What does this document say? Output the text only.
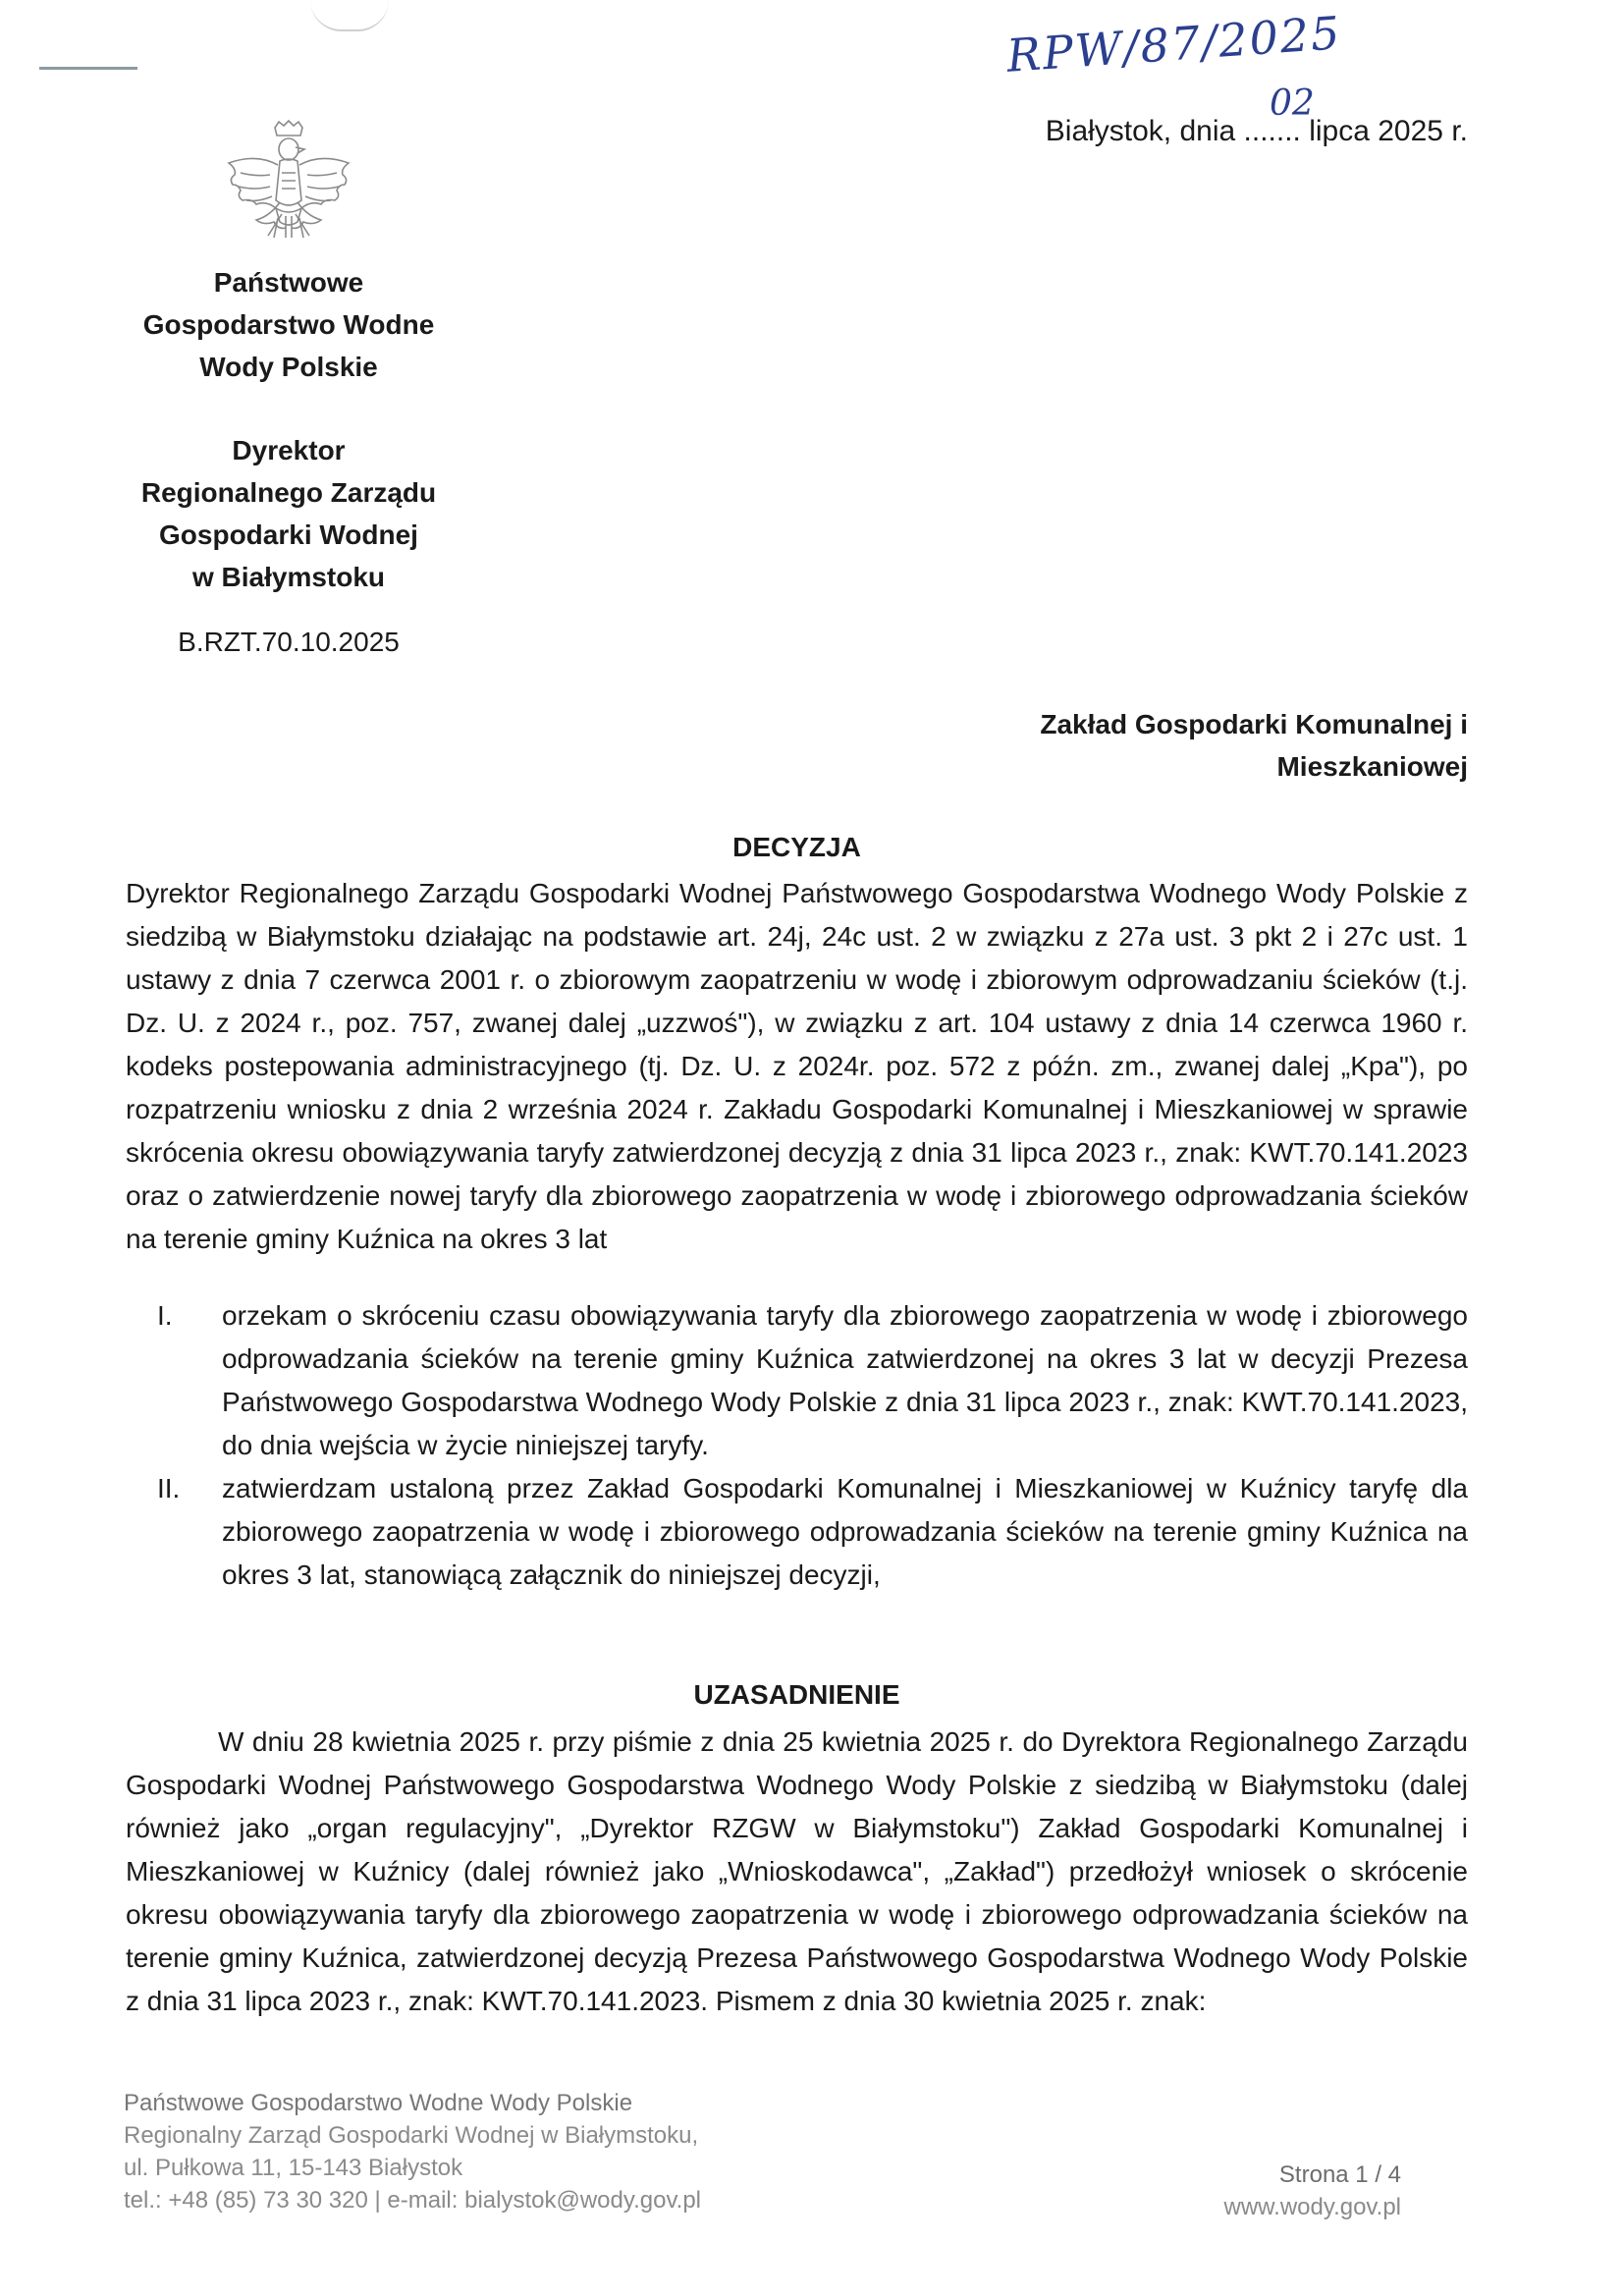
RPW/87/2025
02
Białystok, dnia ....... lipca 2025 r.
Państwowe
Gospodarstwo Wodne
Wody Polskie
Dyrektor
Regionalnego Zarządu
Gospodarki Wodnej
w Białymstoku
B.RZT.70.10.2025
Zakład Gospodarki Komunalnej i
Mieszkaniowej
DECYZJA
Dyrektor Regionalnego Zarządu Gospodarki Wodnej Państwowego Gospodarstwa Wodnego Wody Polskie z siedzibą w Białymstoku działając na podstawie art. 24j, 24c ust. 2 w związku z 27a ust. 3 pkt 2 i 27c ust. 1 ustawy z dnia 7 czerwca 2001 r. o zbiorowym zaopatrzeniu w wodę i zbiorowym odprowadzaniu ścieków (t.j. Dz. U. z 2024 r., poz. 757, zwanej dalej „uzzwoś"), w związku z art. 104 ustawy z dnia 14 czerwca 1960 r. kodeks postepowania administracyjnego (tj. Dz. U. z 2024r. poz. 572 z późn. zm., zwanej dalej „Kpa"), po rozpatrzeniu wniosku z dnia 2 września 2024 r. Zakładu Gospodarki Komunalnej i Mieszkaniowej w sprawie skrócenia okresu obowiązywania taryfy zatwierdzonej decyzją z dnia 31 lipca 2023 r., znak: KWT.70.141.2023 oraz o zatwierdzenie nowej taryfy dla zbiorowego zaopatrzenia w wodę i zbiorowego odprowadzania ścieków na terenie gminy Kuźnica na okres 3 lat
I. orzekam o skróceniu czasu obowiązywania taryfy dla zbiorowego zaopatrzenia w wodę i zbiorowego odprowadzania ścieków na terenie gminy Kuźnica zatwierdzonej na okres 3 lat w decyzji Prezesa Państwowego Gospodarstwa Wodnego Wody Polskie z dnia 31 lipca 2023 r., znak: KWT.70.141.2023, do dnia wejścia w życie niniejszej taryfy.
II. zatwierdzam ustaloną przez Zakład Gospodarki Komunalnej i Mieszkaniowej w Kuźnicy taryfę dla zbiorowego zaopatrzenia w wodę i zbiorowego odprowadzania ścieków na terenie gminy Kuźnica na okres 3 lat, stanowiącą załącznik do niniejszej decyzji,
UZASADNIENIE
W dniu 28 kwietnia 2025 r. przy piśmie z dnia 25 kwietnia 2025 r. do Dyrektora Regionalnego Zarządu Gospodarki Wodnej Państwowego Gospodarstwa Wodnego Wody Polskie z siedzibą w Białymstoku (dalej również jako „organ regulacyjny", „Dyrektor RZGW w Białymstoku") Zakład Gospodarki Komunalnej i Mieszkaniowej w Kuźnicy (dalej również jako „Wnioskodawca", „Zakład") przedłożył wniosek o skrócenie okresu obowiązywania taryfy dla zbiorowego zaopatrzenia w wodę i zbiorowego odprowadzania ścieków na terenie gminy Kuźnica, zatwierdzonej decyzją Prezesa Państwowego Gospodarstwa Wodnego Wody Polskie z dnia 31 lipca 2023 r., znak: KWT.70.141.2023. Pismem z dnia 30 kwietnia 2025 r. znak:
Państwowe Gospodarstwo Wodne Wody Polskie
Regionalny Zarząd Gospodarki Wodnej w Białymstoku,
ul. Pułkowa 11, 15-143 Białystok
tel.: +48 (85) 73 30 320 | e-mail: bialystok@wody.gov.pl
Strona 1 / 4
www.wody.gov.pl
